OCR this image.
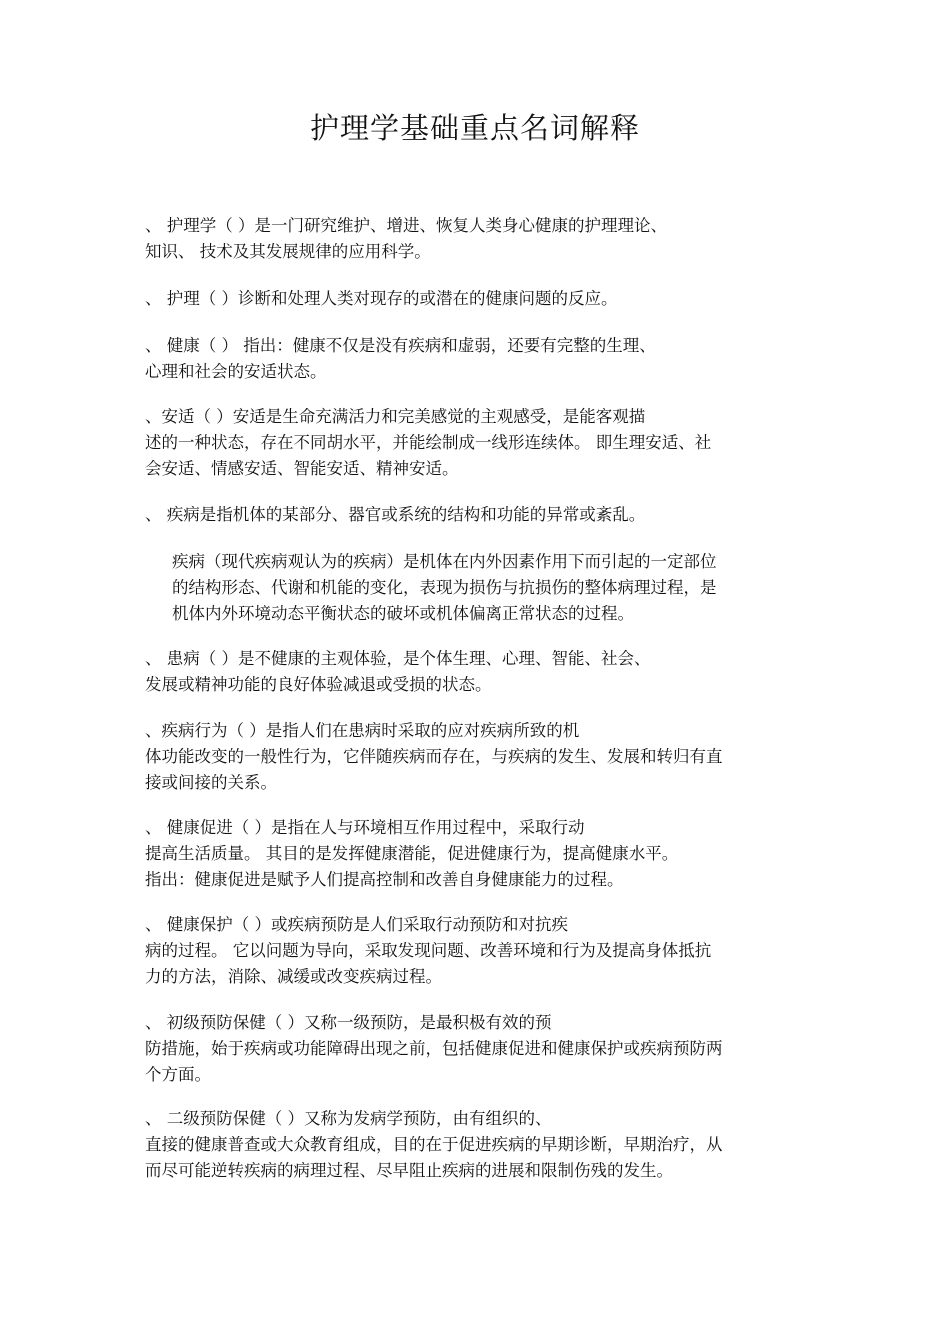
护理学基础重点名词解释
、 护理学（ ）是一门研究维护、增进、恢复人类身心健康的护理理论、
知识、 技术及其发展规律的应用科学。
、 护理（ ）诊断和处理人类对现存的或潜在的健康问题的反应。
、 健康（ ） 指出：健康不仅是没有疾病和虚弱，还要有完整的生理、
心理和社会的安适状态。
、安适（ ）安适是生命充满活力和完美感觉的主观感受，是能客观描
述的一种状态，存在不同胡水平，并能绘制成一线形连续体。 即生理安适、社
会安适、情感安适、智能安适、精神安适。
、 疾病是指机体的某部分、器官或系统的结构和功能的异常或紊乱。
疾病（现代疾病观认为的疾病）是机体在内外因素作用下而引起的一定部位
的结构形态、代谢和机能的变化，表现为损伤与抗损伤的整体病理过程，是
机体内外环境动态平衡状态的破坏或机体偏离正常状态的过程。
、 患病（ ）是不健康的主观体验，是个体生理、心理、智能、社会、
发展或精神功能的良好体验减退或受损的状态。
、疾病行为（ ）是指人们在患病时采取的应对疾病所致的机
体功能改变的一般性行为，它伴随疾病而存在，与疾病的发生、发展和转归有直
接或间接的关系。
、 健康促进（ ）是指在人与环境相互作用过程中，采取行动
提高生活质量。 其目的是发挥健康潜能，促进健康行为，提高健康水平。
指出：健康促进是赋予人们提高控制和改善自身健康能力的过程。
、 健康保护（ ）或疾病预防是人们采取行动预防和对抗疾
病的过程。 它以问题为导向，采取发现问题、改善环境和行为及提高身体抵抗
力的方法，消除、减缓或改变疾病过程。
、 初级预防保健（ ）又称一级预防，是最积极有效的预
防措施，始于疾病或功能障碍出现之前，包括健康促进和健康保护或疾病预防两
个方面。
、 二级预防保健（ ）又称为发病学预防，由有组织的、
直接的健康普查或大众教育组成，目的在于促进疾病的早期诊断，早期治疗，从
而尽可能逆转疾病的病理过程、尽早阻止疾病的进展和限制伤残的发生。
